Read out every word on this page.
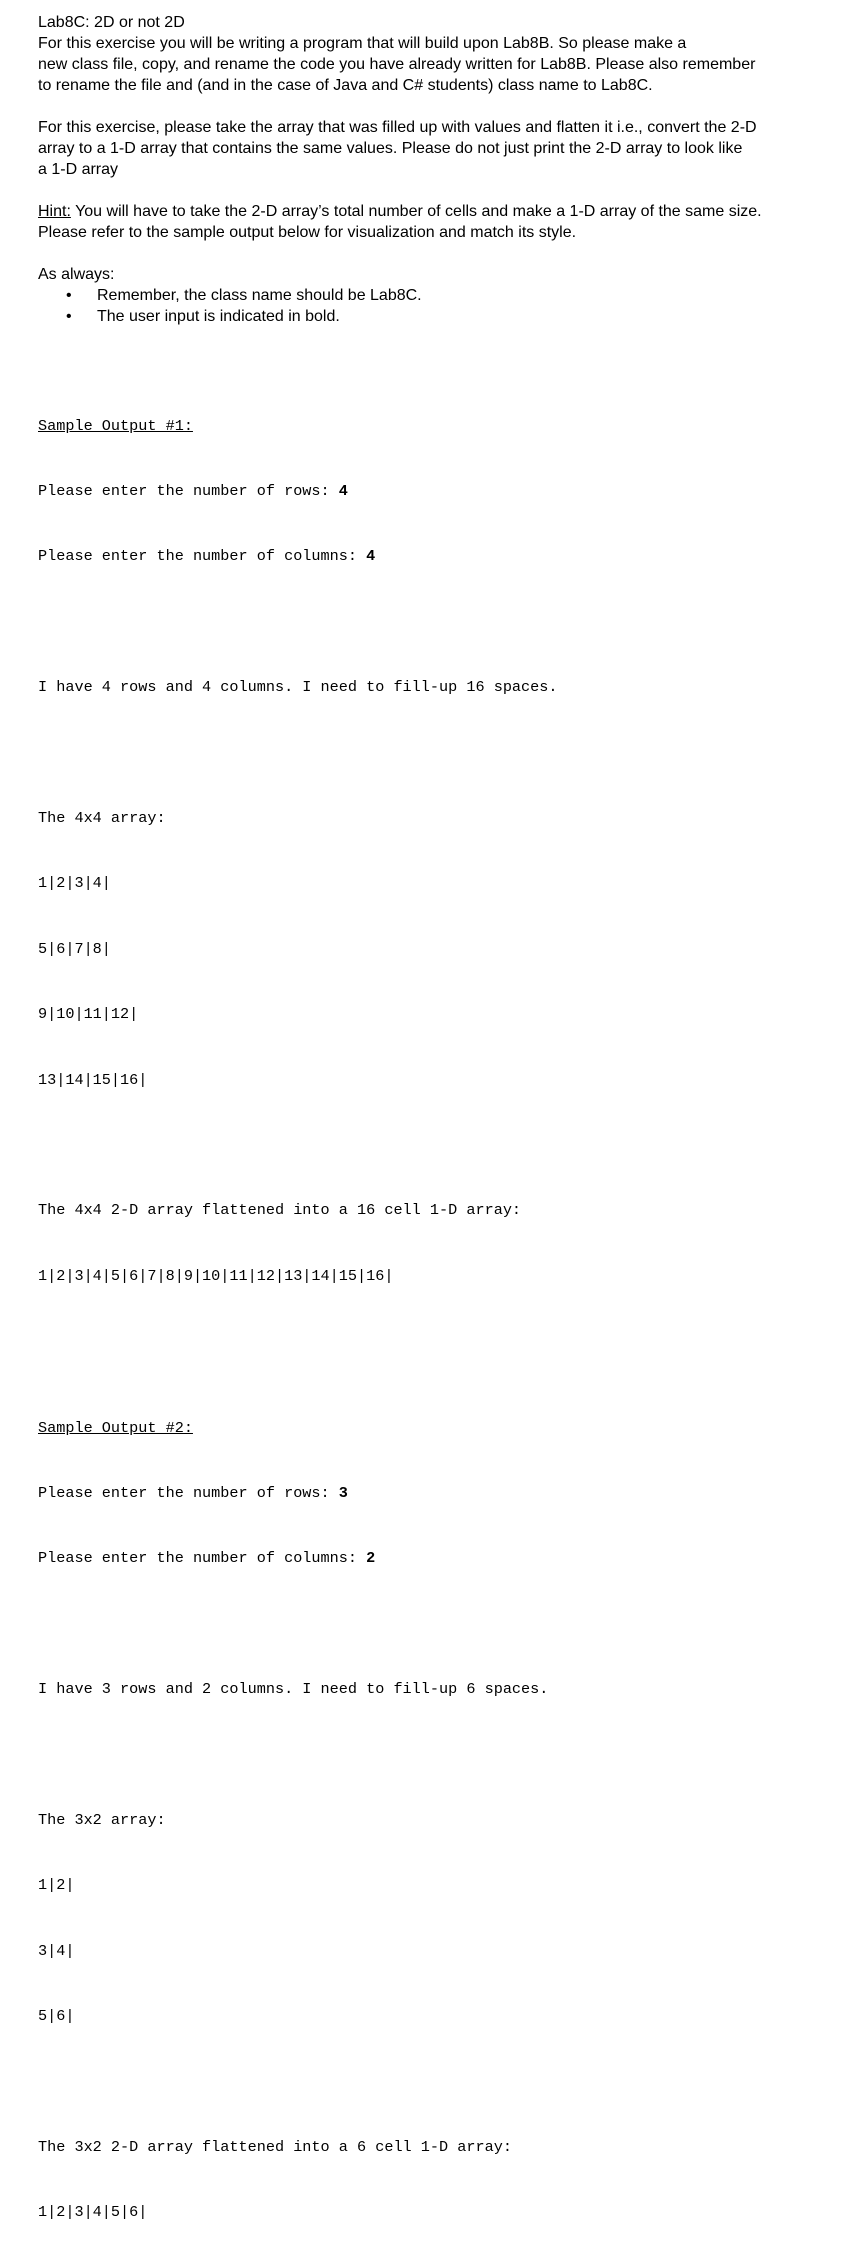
Lab8C: 2D or not 2D

For this exercise you will be writing a program that will build upon Lab8B. So please make a
new class file, copy, and rename the code you have already written for Lab8B. Please also remember
to rename the file and (and in the case of Java and C# students) class name to Lab8C.
For this exercise, please take the array that was filled up with values and flatten it i.e., convert the 2-D
array to a 1-D array that contains the same values. Please do not just print the 2-D array to look like
a 1-D array
Hint: You will have to take the 2-D array’s total number of cells and make a 1-D array of the same size.
Please refer to the sample output below for visualization and match its style.
As always:
• Remember, the class name should be Lab8C.
• The user input is indicated in bold.

Sample Output #1:

Please enter the number of rows: 4

Please enter the number of columns: 4

I have 4 rows and 4 columns. I need to fill-up 16 spaces.

The 4x4 array:

1|2|3|4|

5|6|7|8|

9|10|11|12|

13|14|15|16|

The 4x4 2-D array flattened into a 16 cell 1-D array:

1|2|3|4|5|6|7|8|9|10|11|12|13|14|15|16|

Sample Output #2:

Please enter the number of rows: 3

Please enter the number of columns: 2

I have 3 rows and 2 columns. I need to fill-up 6 spaces.

The 3x2 array:

1|2|

3|4|

5|6|

The 3x2 2-D array flattened into a 6 cell 1-D array:

1|2|3|4|5|6|
